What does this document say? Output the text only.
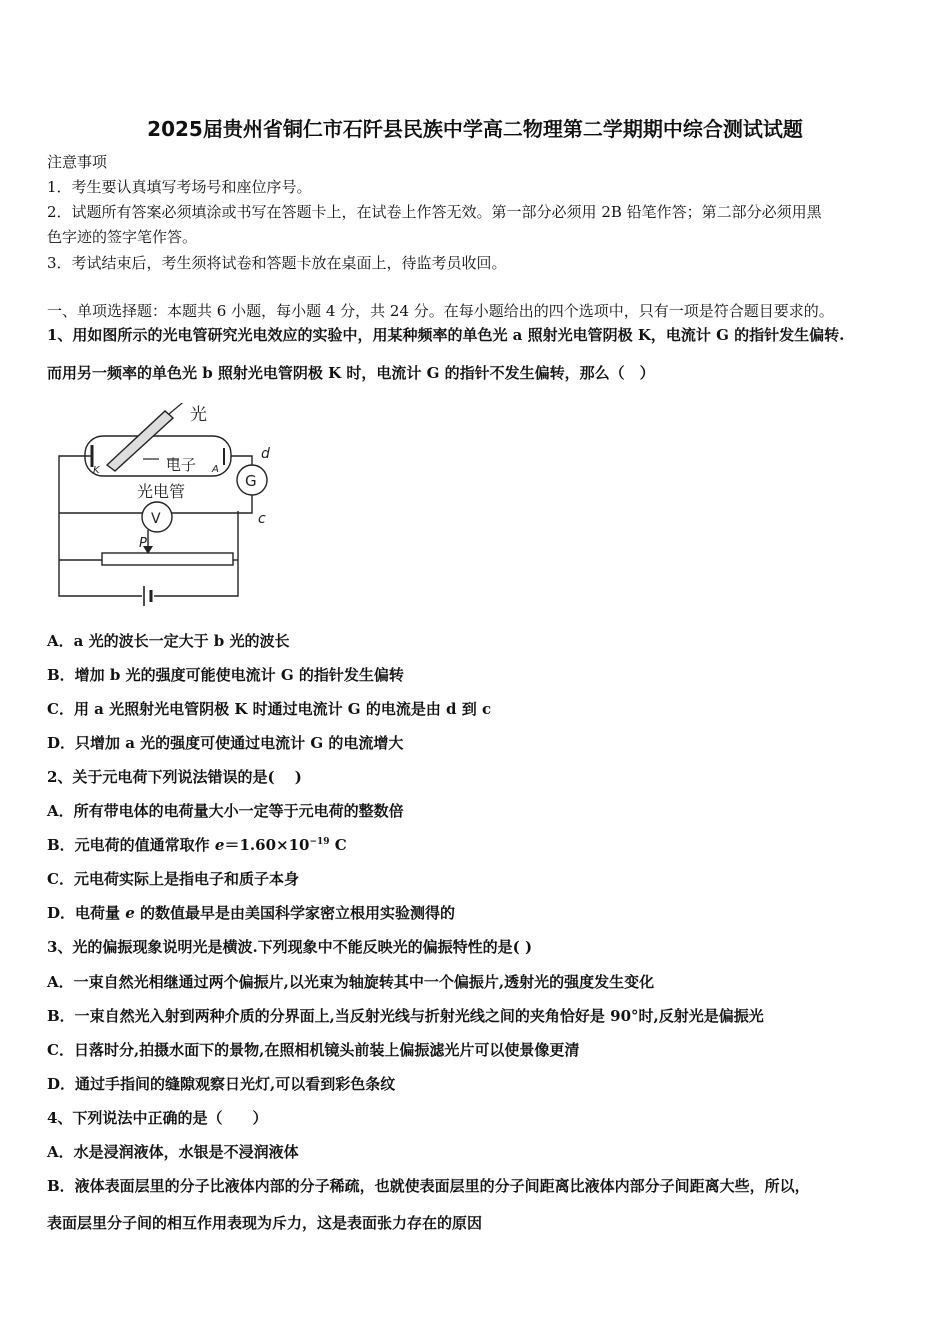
2025届贵州省铜仁市石阡县民族中学高二物理第二学期期中综合测试试题
注意事项
1．考生要认真填写考场号和座位序号。
2．试题所有答案必须填涂或书写在答题卡上，在试卷上作答无效。第一部分必须用 2B 铅笔作答；第二部分必须用黑
色字迹的签字笔作答。
3．考试结束后，考生须将试卷和答题卡放在桌面上，待监考员收回。
一、单项选择题：本题共 6 小题，每小题 4 分，共 24 分。在每小题给出的四个选项中，只有一项是符合题目要求的。
1、用如图所示的光电管研究光电效应的实验中，用某种频率的单色光 a 照射光电管阴极 K，电流计 G 的指针发生偏转.
而用另一频率的单色光 b 照射光电管阴极 K 时，电流计 G 的指针不发生偏转，那么（　）
光
电子
光电管
K	A
d
c
P
G
V
A．a 光的波长一定大于 b 光的波长
B．增加 b 光的强度可能使电流计 G 的指针发生偏转
C．用 a 光照射光电管阴极 K 时通过电流计 G 的电流是由 d 到 c
D．只增加 a 光的强度可使通过电流计 G 的电流增大
2、关于元电荷下列说法错误的是(　 )
A．所有带电体的电荷量大小一定等于元电荷的整数倍
B．元电荷的值通常取作 $e=1.60\times 10^{-19}$ C
C．元电荷实际上是指电子和质子本身
D．电荷量 e 的数值最早是由美国科学家密立根用实验测得的
3、光的偏振现象说明光是横波.下列现象中不能反映光的偏振特性的是( )
A．一束自然光相继通过两个偏振片,以光束为轴旋转其中一个偏振片,透射光的强度发生变化
B．一束自然光入射到两种介质的分界面上,当反射光线与折射光线之间的夹角恰好是 90°时,反射光是偏振光
C．日落时分,拍摄水面下的景物,在照相机镜头前装上偏振滤光片可以使景像更清
D．通过手指间的缝隙观察日光灯,可以看到彩色条纹
4、下列说法中正确的是（　　）
A．水是浸润液体，水银是不浸润液体
B．液体表面层里的分子比液体内部的分子稀疏，也就使表面层里的分子间距离比液体内部分子间距离大些，所以，
表面层里分子间的相互作用表现为斥力，这是表面张力存在的原因
